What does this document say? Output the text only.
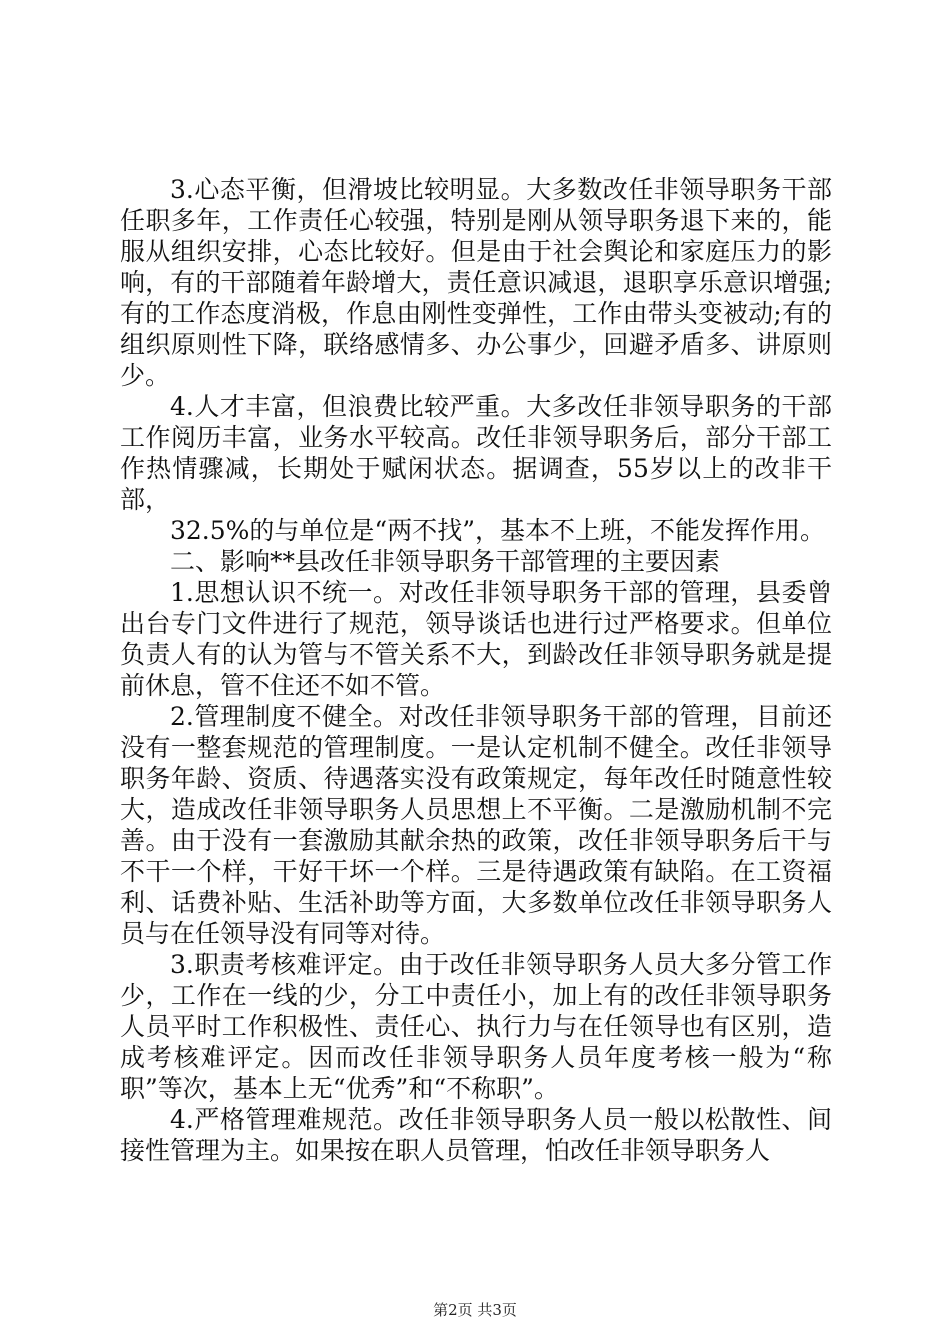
3.心态平衡，但滑坡比较明显。大多数改任非领导职务干部任职多年，工作责任心较强，特别是刚从领导职务退下来的，能服从组织安排，心态比较好。但是由于社会舆论和家庭压力的影响，有的干部随着年龄增大，责任意识减退，退职享乐意识增强;有的工作态度消极，作息由刚性变弹性，工作由带头变被动;有的组织原则性下降，联络感情多、办公事少，回避矛盾多、讲原则少。

4.人才丰富，但浪费比较严重。大多改任非领导职务的干部工作阅历丰富，业务水平较高。改任非领导职务后，部分干部工作热情骤减，长期处于赋闲状态。据调查，55岁以上的改非干部，

32.5%的与单位是“两不找”，基本不上班，不能发挥作用。

二、影响**县改任非领导职务干部管理的主要因素

1.思想认识不统一。对改任非领导职务干部的管理，县委曾出台专门文件进行了规范，领导谈话也进行过严格要求。但单位负责人有的认为管与不管关系不大，到龄改任非领导职务就是提前休息，管不住还不如不管。

2.管理制度不健全。对改任非领导职务干部的管理，目前还没有一整套规范的管理制度。一是认定机制不健全。改任非领导职务年龄、资质、待遇落实没有政策规定，每年改任时随意性较大，造成改任非领导职务人员思想上不平衡。二是激励机制不完善。由于没有一套激励其献余热的政策，改任非领导职务后干与不干一个样，干好干坏一个样。三是待遇政策有缺陷。在工资福利、话费补贴、生活补助等方面，大多数单位改任非领导职务人员与在任领导没有同等对待。

3.职责考核难评定。由于改任非领导职务人员大多分管工作少，工作在一线的少，分工中责任小，加上有的改任非领导职务人员平时工作积极性、责任心、执行力与在任领导也有区别，造成考核难评定。因而改任非领导职务人员年度考核一般为“称职”等次，基本上无“优秀”和“不称职”。

4.严格管理难规范。改任非领导职务人员一般以松散性、间接性管理为主。如果按在职人员管理，怕改任非领导职务人

第2页 共3页
